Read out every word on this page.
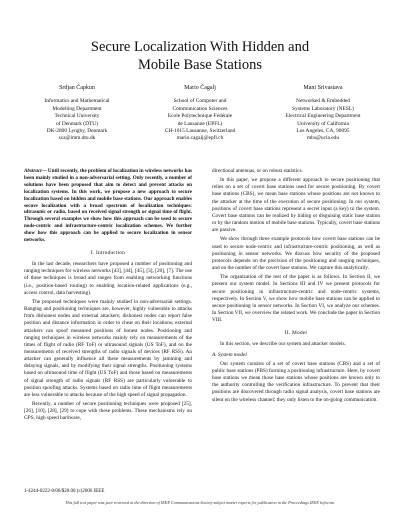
Secure Localization With Hidden and
Mobile Base Stations
Srdjan Čapkun
Informatics and Mathematical
Modelling Department
Technical University
of Denmark (DTU)
DK-2800 Lyngby, Denmark
sca@imm.dtu.dk
Mario Čagalj
School of Computer and
Communication Sciences
Ecole Polytechnique Fédérale
de Lausanne (EPFL)
CH-1015 Lausanne, Switzerland
mario.cagalj@epfl.ch
Mani Srivastava
Networked & Embedded
Systems Laboratory (NESL)
Electrical Engineering Department
University of California
Los Angeles, CA, 90095
mbs@ucla.edu
Abstract— Until recently, the problem of localization in wireless networks has been mainly studied in a non-adversarial setting. Only recently, a number of solutions have been proposed that aim to detect and prevent attacks on localization systems. In this work, we propose a new approach to secure localization based on hidden and mobile base stations. Our approach enables secure localization with a broad spectrum of localization techniques: ultrasonic or radio, based on received signal strength or signal time of flight. Through several examples we show how this approach can be used to secure node-centric and infrastructure-centric localization schemes. We further show how this approach can be applied to secure localization in sensor networks.
I. Introduction

In the last decade, researchers have proposed a number of positioning and ranging techniques for wireless networks [43], [44], [45], [3], [20], [7]. The use of these techniques is broad and ranges from enabling networking functions (i.e., position-based routing) to enabling location-related applications (e.g., access control, data harvesting).

The proposed techniques were mainly studied in non-adversarial settings. Ranging and positioning techniques are, however, highly vulnerable to attacks from dishonest nodes and external attackers; dishonest nodes can report false position and distance information in order to cheat on their locations; external attackers can spoof measured positions of honest nodes. Positioning and ranging techniques in wireless networks mainly rely on measurements of the times of flight of radio (RF ToF) or ultrasound signals (US ToF), and on the measurements of received strengths of radio signals of devices (RF RSS). An attacker can generally influence all these measurements by jamming and delaying signals, and by modifying their signal strengths. Positioning systems based on ultrasound time of flight (US ToF) and those based on measurements of signal strength of radio signals (RF RSS) are particularly vulnerable to position spoofing attacks. Systems based on radio time of flight measurements are less vulnerable to attacks because of the high speed of signal propagation.

Recently, a number of secure positioning techniques were proposed [25], [26], [10], [28], [29] to cope with these problems. These mechanisms rely on GPS, high speed hardware,

directional antennas, or on robust statistics.

In this paper, we propose a different approach to secure positioning that relies on a set of covert base stations used for secure positioning. By covert base stations (CBS), we mean base stations whose positions are not known to the attacker at the time of the execution of secure positioning. In our system, positions of covert base stations represent a secret input (a key) to the system. Covert base stations can be realized by hiding or disguising static base station or by the random motion of mobile base stations. Typically, covert base stations are passive.

We show through three example protocols how covert base stations can be used to secure node-centric and infrastructure-centric positioning, as well as positioning in sensor networks. We discuss how security of the proposed protocols depends on the precision of the positioning and ranging techniques, and on the number of the covert base stations. We capture this analytically.

The organization of the rest of the paper is as follows. In Section II, we present our system model. In Sections III and IV we present protocols for secure positioning in infrastructure-centric and node-centric systems, respectively. In Section V, we show how mobile base stations can be applied to secure positioning in sensor networks. In Section VI, we analyze our schemes. In Section VII, we overview the related work. We conclude the paper in Section VIII.

II. Model

In this section, we describe our system and attacker models.

A. System model

Our system consists of a set of covert base stations (CBS) and a set of public base stations (PBS) forming a positioning infrastructure. Here, by covert base stations we mean those base stations whose positions are known only to the authority controlling the verification infrastructure. To prevent that their positions are discovered through radio signal analysis, covert base stations are silent on the wireless channel; they only listen to the on-going communication.

1-4244-0222-0/06/$20.00 (c)2006 IEEE
This full text paper was peer reviewed at the direction of IEEE Communications Society subject matter experts for publication in the Proceedings IEEE Infocom.
